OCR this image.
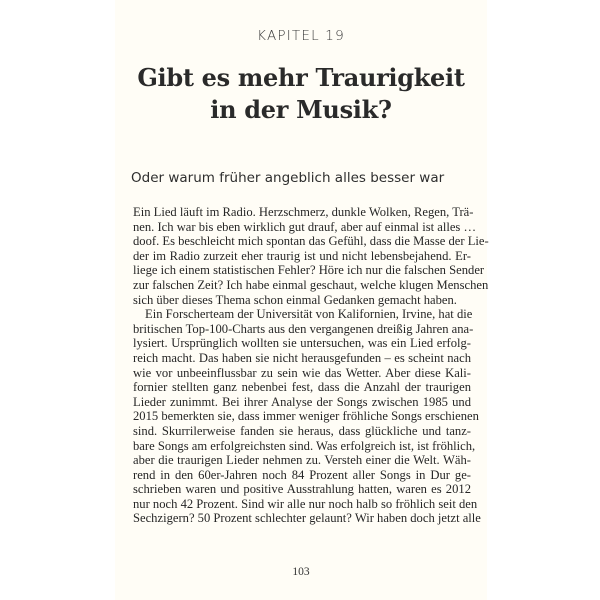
KAPITEL 19
Gibt es mehr Traurigkeit
in der Musik?
Oder warum früher angeblich alles besser war
Ein Lied läuft im Radio. Herzschmerz, dunkle Wolken, Regen, Trä-
nen. Ich war bis eben wirklich gut drauf, aber auf einmal ist alles …
doof. Es beschleicht mich spontan das Gefühl, dass die Masse der Lie-
der im Radio zurzeit eher traurig ist und nicht lebensbejahend. Er-
liege ich einem statistischen Fehler? Höre ich nur die falschen Sender
zur falschen Zeit? Ich habe einmal geschaut, welche klugen Menschen
sich über dieses Thema schon einmal Gedanken gemacht haben.
Ein Forscherteam der Universität von Kalifornien, Irvine, hat die
britischen Top-100-Charts aus den vergangenen dreißig Jahren ana-
lysiert. Ursprünglich wollten sie untersuchen, was ein Lied erfolg-
reich macht. Das haben sie nicht herausgefunden – es scheint nach
wie vor unbeeinflussbar zu sein wie das Wetter. Aber diese Kali-
fornier stellten ganz nebenbei fest, dass die Anzahl der traurigen
Lieder zunimmt. Bei ihrer Analyse der Songs zwischen 1985 und
2015 bemerkten sie, dass immer weniger fröhliche Songs erschienen
sind. Skurrilerweise fanden sie heraus, dass glückliche und tanz-
bare Songs am erfolgreichsten sind. Was erfolgreich ist, ist fröhlich,
aber die traurigen Lieder nehmen zu. Versteh einer die Welt. Wäh-
rend in den 60er-Jahren noch 84 Prozent aller Songs in Dur ge-
schrieben waren und positive Ausstrahlung hatten, waren es 2012
nur noch 42 Prozent. Sind wir alle nur noch halb so fröhlich seit den
Sechzigern? 50 Prozent schlechter gelaunt? Wir haben doch jetzt alle
103
